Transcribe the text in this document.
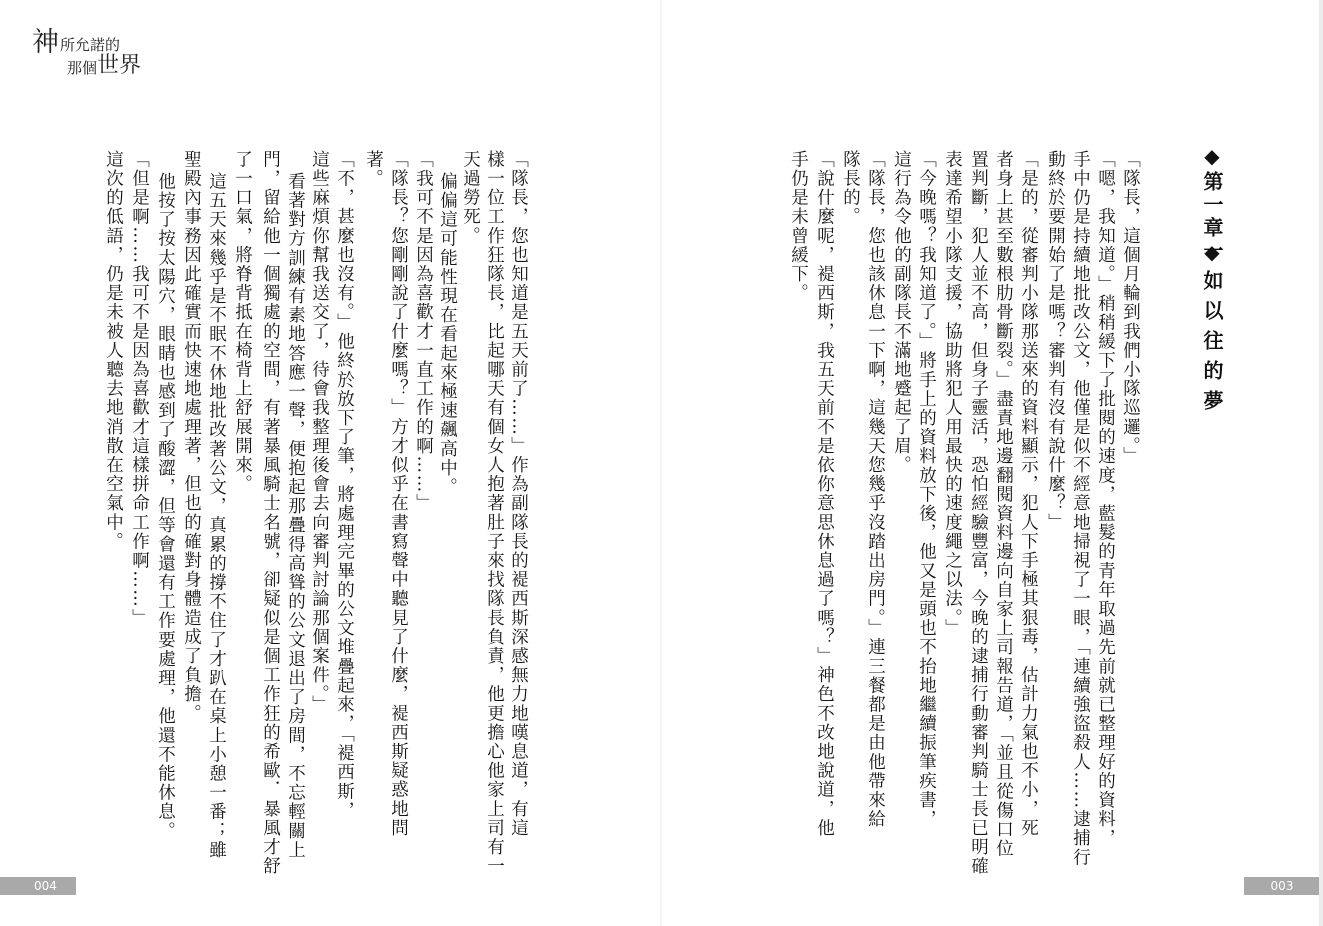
神 所允諾的
那個 世界
「隊長，您也知道是五天前了……」作為副隊長的褆西斯深感無力地嘆息道，有這
樣一位工作狂隊長，比起哪天有個女人抱著肚子來找隊長負責，他更擔心他家上司有一
天過勞死。
偏偏這可能性現在看起來極速飆高中。
「我可不是因為喜歡才一直工作的啊……」
「隊長？您剛剛說了什麼嗎？」方才似乎在書寫聲中聽見了什麼，褆西斯疑惑地問
著。
「不，甚麼也沒有。」他終於放下了筆，將處理完畢的公文堆疊起來，「褆西斯，
這些麻煩你幫我送交了，待會我整理後會去向審判討論那個案件。」
看著對方訓練有素地答應一聲，便抱起那疊得高聳的公文退出了房間，不忘輕關上
門，留給他一個獨處的空間，有著暴風騎士名號，卻疑似是個工作狂的希歐．暴風才舒
了一口氣，將脊背抵在椅背上舒展開來。
這五天來幾乎是不眠不休地批改著公文，真累的撐不住了才趴在桌上小憩一番；雖
聖殿內事務因此確實而快速地處理著，但也的確對身體造成了負擔。
他按了按太陽穴，眼睛也感到了酸澀，但等會還有工作要處理，他還不能休息。
「但是啊……我可不是因為喜歡才這樣拼命工作啊……」
這次的低語，仍是未被人聽去地消散在空氣中。
004
◆第一章◆
一如以往的夢
「隊長，這個月輪到我們小隊巡邏。」
「嗯，我知道。」稍稍緩下了批閱的速度，藍髮的青年取過先前就已整理好的資料，
手中仍是持續地批改公文，他僅是似不經意地掃視了一眼，「連續強盜殺人……逮捕行
動終於要開始了是嗎？審判有沒有說什麼？」
「是的，從審判小隊那送來的資料顯示，犯人下手極其狠毒，估計力氣也不小，死
者身上甚至數根肋骨斷裂。」盡責地邊翻閱資料邊向自家上司報告道，「並且從傷口位
置判斷，犯人並不高，但身子靈活，恐怕經驗豐富，今晚的逮捕行動審判騎士長已明確
表達希望小隊支援，協助將犯人用最快的速度繩之以法。」
「今晚嗎？我知道了。」將手上的資料放下後，他又是頭也不抬地繼續振筆疾書，
這行為令他的副隊長不滿地蹙起了眉。
「隊長，您也該休息一下啊，這幾天您幾乎沒踏出房門。」連三餐都是由他帶來給
隊長的。
「說什麼呢，褆西斯，我五天前不是依你意思休息過了嗎？」神色不改地說道，他
手仍是未曾緩下。
003
